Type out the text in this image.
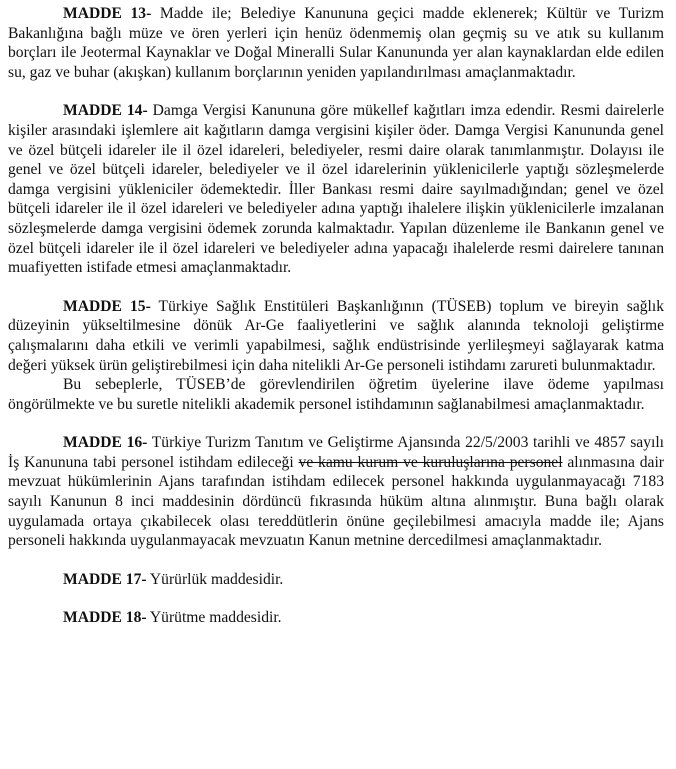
MADDE 13- Madde ile; Belediye Kanununa geçici madde eklenerek; Kültür ve Turizm Bakanlığına bağlı müze ve ören yerleri için henüz ödenmemiş olan geçmiş su ve atık su kullanım borçları ile Jeotermal Kaynaklar ve Doğal Mineralli Sular Kanununda yer alan kaynaklardan elde edilen su, gaz ve buhar (akışkan) kullanım borçlarının yeniden yapılandırılması amaçlanmaktadır.

MADDE 14- Damga Vergisi Kanununa göre mükellef kağıtları imza edendir. Resmi dairelerle kişiler arasındaki işlemlere ait kağıtların damga vergisini kişiler öder. Damga Vergisi Kanununda genel ve özel bütçeli idareler ile il özel idareleri, belediyeler, resmi daire olarak tanımlanmıştır. Dolayısı ile genel ve özel bütçeli idareler, belediyeler ve il özel idarelerinin yüklenicilerle yaptığı sözleşmelerde damga vergisini yükleniciler ödemektedir. İller Bankası resmi daire sayılmadığından; genel ve özel bütçeli idareler ile il özel idareleri ve belediyeler adına yaptığı ihalelere ilişkin yüklenicilerle imzalanan sözleşmelerde damga vergisini ödemek zorunda kalmaktadır. Yapılan düzenleme ile Bankanın genel ve özel bütçeli idareler ile il özel idareleri ve belediyeler adına yapacağı ihalelerde resmi dairelere tanınan muafiyetten istifade etmesi amaçlanmaktadır.

MADDE 15- Türkiye Sağlık Enstitüleri Başkanlığının (TÜSEB) toplum ve bireyin sağlık düzeyinin yükseltilmesine dönük Ar-Ge faaliyetlerini ve sağlık alanında teknoloji geliştirme çalışmalarını daha etkili ve verimli yapabilmesi, sağlık endüstrisinde yerlileşmeyi sağlayarak katma değeri yüksek ürün geliştirebilmesi için daha nitelikli Ar-Ge personeli istihdamı zarureti bulunmaktadır.

Bu sebeplerle, TÜSEB’de görevlendirilen öğretim üyelerine ilave ödeme yapılması öngörülmekte ve bu suretle nitelikli akademik personel istihdamının sağlanabilmesi amaçlanmaktadır.

MADDE 16- Türkiye Turizm Tanıtım ve Geliştirme Ajansında 22/5/2003 tarihli ve 4857 sayılı İş Kanununa tabi personel istihdam edileceği ve kamu kurum ve kuruluşlarına personel alınmasına dair mevzuat hükümlerinin Ajans tarafından istihdam edilecek personel hakkında uygulanmayacağı 7183 sayılı Kanunun 8 inci maddesinin dördüncü fıkrasında hüküm altına alınmıştır. Buna bağlı olarak uygulamada ortaya çıkabilecek olası tereddütlerin önüne geçilebilmesi amacıyla madde ile; Ajans personeli hakkında uygulanmayacak mevzuatın Kanun metnine dercedilmesi amaçlanmaktadır.

MADDE 17- Yürürlük maddesidir.

MADDE 18- Yürütme maddesidir.
